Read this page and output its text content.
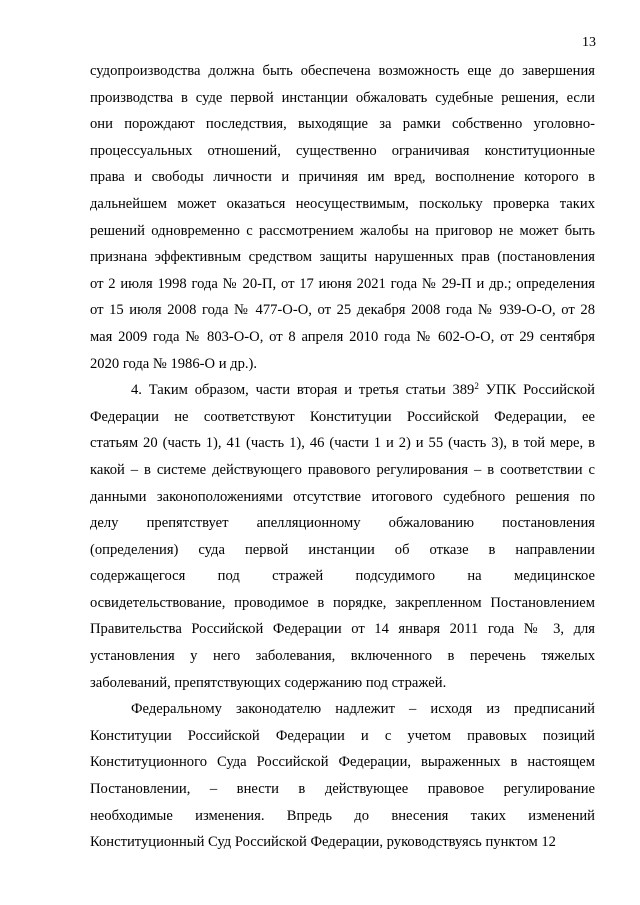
13
судопроизводства должна быть обеспечена возможность еще до завершения
производства в суде первой инстанции обжаловать судебные решения, если
они порождают последствия, выходящие за рамки собственно уголовно-
процессуальных отношений, существенно ограничивая конституционные
права и свободы личности и причиняя им вред, восполнение которого в
дальнейшем может оказаться неосуществимым, поскольку проверка таких
решений одновременно с рассмотрением жалобы на приговор не может быть
признана эффективным средством защиты нарушенных прав (постановления
от 2 июля 1998 года № 20-П, от 17 июня 2021 года № 29-П и др.; определения
от 15 июля 2008 года № 477-О-О, от 25 декабря 2008 года № 939-О-О, от 28
мая 2009 года № 803-О-О, от 8 апреля 2010 года № 602-О-О, от 29 сентября
2020 года № 1986-О и др.).
4. Таким образом, части вторая и третья статьи $389^2$ УПК Российской
Федерации не соответствуют Конституции Российской Федерации, ее
статьям 20 (часть 1), 41 (часть 1), 46 (части 1 и 2) и 55 (часть 3), в той мере, в
какой – в системе действующего правового регулирования – в соответствии с
данными законоположениями отсутствие итогового судебного решения по
делу препятствует апелляционному обжалованию постановления
(определения) суда первой инстанции об отказе в направлении
содержащегося под стражей подсудимого на медицинское
освидетельствование, проводимое в порядке, закрепленном Постановлением
Правительства Российской Федерации от 14 января 2011 года № 3, для
установления у него заболевания, включенного в перечень тяжелых
заболеваний, препятствующих содержанию под стражей.
Федеральному законодателю надлежит – исходя из предписаний
Конституции Российской Федерации и с учетом правовых позиций
Конституционного Суда Российской Федерации, выраженных в настоящем
Постановлении, – внести в действующее правовое регулирование
необходимые изменения. Впредь до внесения таких изменений
Конституционный Суд Российской Федерации, руководствуясь пунктом 12
